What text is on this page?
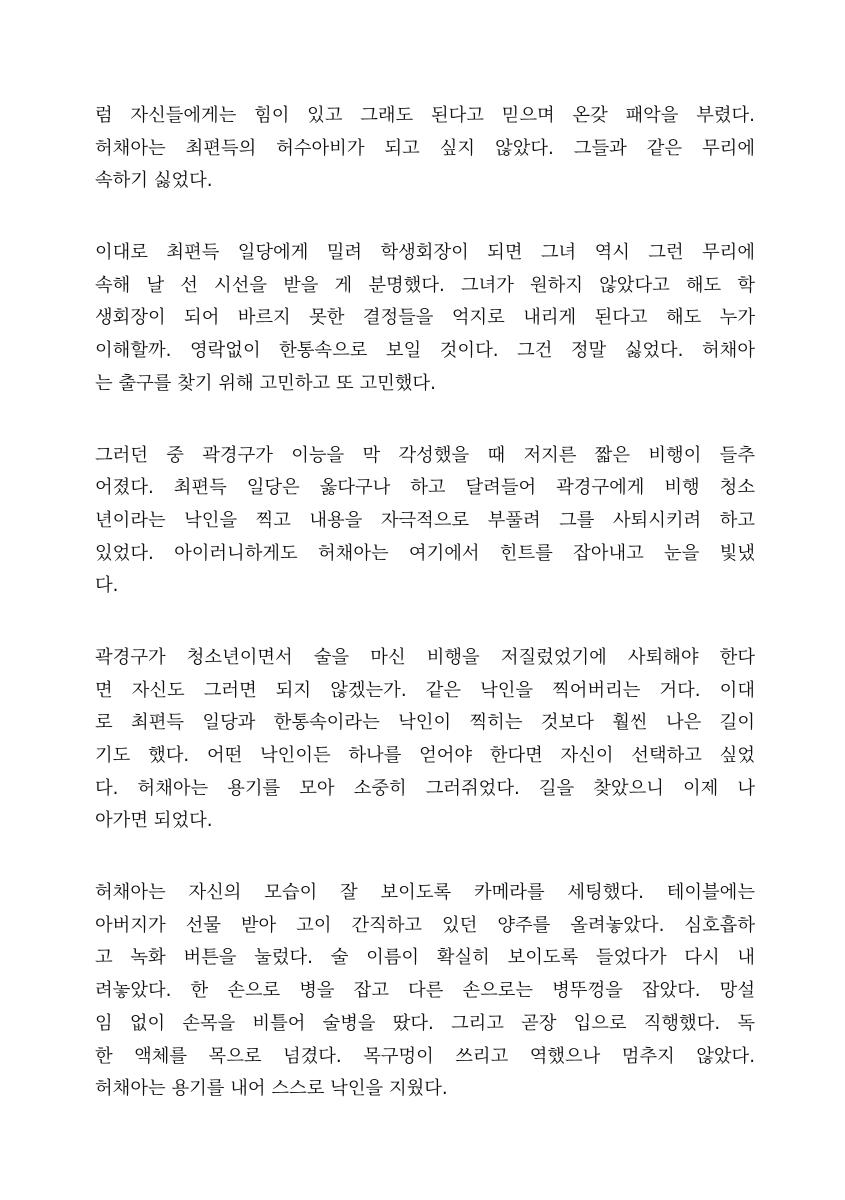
럼 자신들에게는 힘이 있고 그래도 된다고 믿으며 온갖 패악을 부렸다.
허채아는 최편득의 허수아비가 되고 싶지 않았다. 그들과 같은 무리에
속하기 싫었다.
이대로 최편득 일당에게 밀려 학생회장이 되면 그녀 역시 그런 무리에
속해 날 선 시선을 받을 게 분명했다. 그녀가 원하지 않았다고 해도 학
생회장이 되어 바르지 못한 결정들을 억지로 내리게 된다고 해도 누가
이해할까. 영락없이 한통속으로 보일 것이다. 그건 정말 싫었다. 허채아
는 출구를 찾기 위해 고민하고 또 고민했다.
그러던 중 곽경구가 이능을 막 각성했을 때 저지른 짧은 비행이 들추
어졌다. 최편득 일당은 옳다구나 하고 달려들어 곽경구에게 비행 청소
년이라는 낙인을 찍고 내용을 자극적으로 부풀려 그를 사퇴시키려 하고
있었다. 아이러니하게도 허채아는 여기에서 힌트를 잡아내고 눈을 빛냈
다.
곽경구가 청소년이면서 술을 마신 비행을 저질렀었기에 사퇴해야 한다
면 자신도 그러면 되지 않겠는가. 같은 낙인을 찍어버리는 거다. 이대
로 최편득 일당과 한통속이라는 낙인이 찍히는 것보다 훨씬 나은 길이
기도 했다. 어떤 낙인이든 하나를 얻어야 한다면 자신이 선택하고 싶었
다. 허채아는 용기를 모아 소중히 그러쥐었다. 길을 찾았으니 이제 나
아가면 되었다.
허채아는 자신의 모습이 잘 보이도록 카메라를 세팅했다. 테이블에는
아버지가 선물 받아 고이 간직하고 있던 양주를 올려놓았다. 심호흡하
고 녹화 버튼을 눌렀다. 술 이름이 확실히 보이도록 들었다가 다시 내
려놓았다. 한 손으로 병을 잡고 다른 손으로는 병뚜껑을 잡았다. 망설
임 없이 손목을 비틀어 술병을 땄다. 그리고 곧장 입으로 직행했다. 독
한 액체를 목으로 넘겼다. 목구멍이 쓰리고 역했으나 멈추지 않았다.
허채아는 용기를 내어 스스로 낙인을 지웠다.
